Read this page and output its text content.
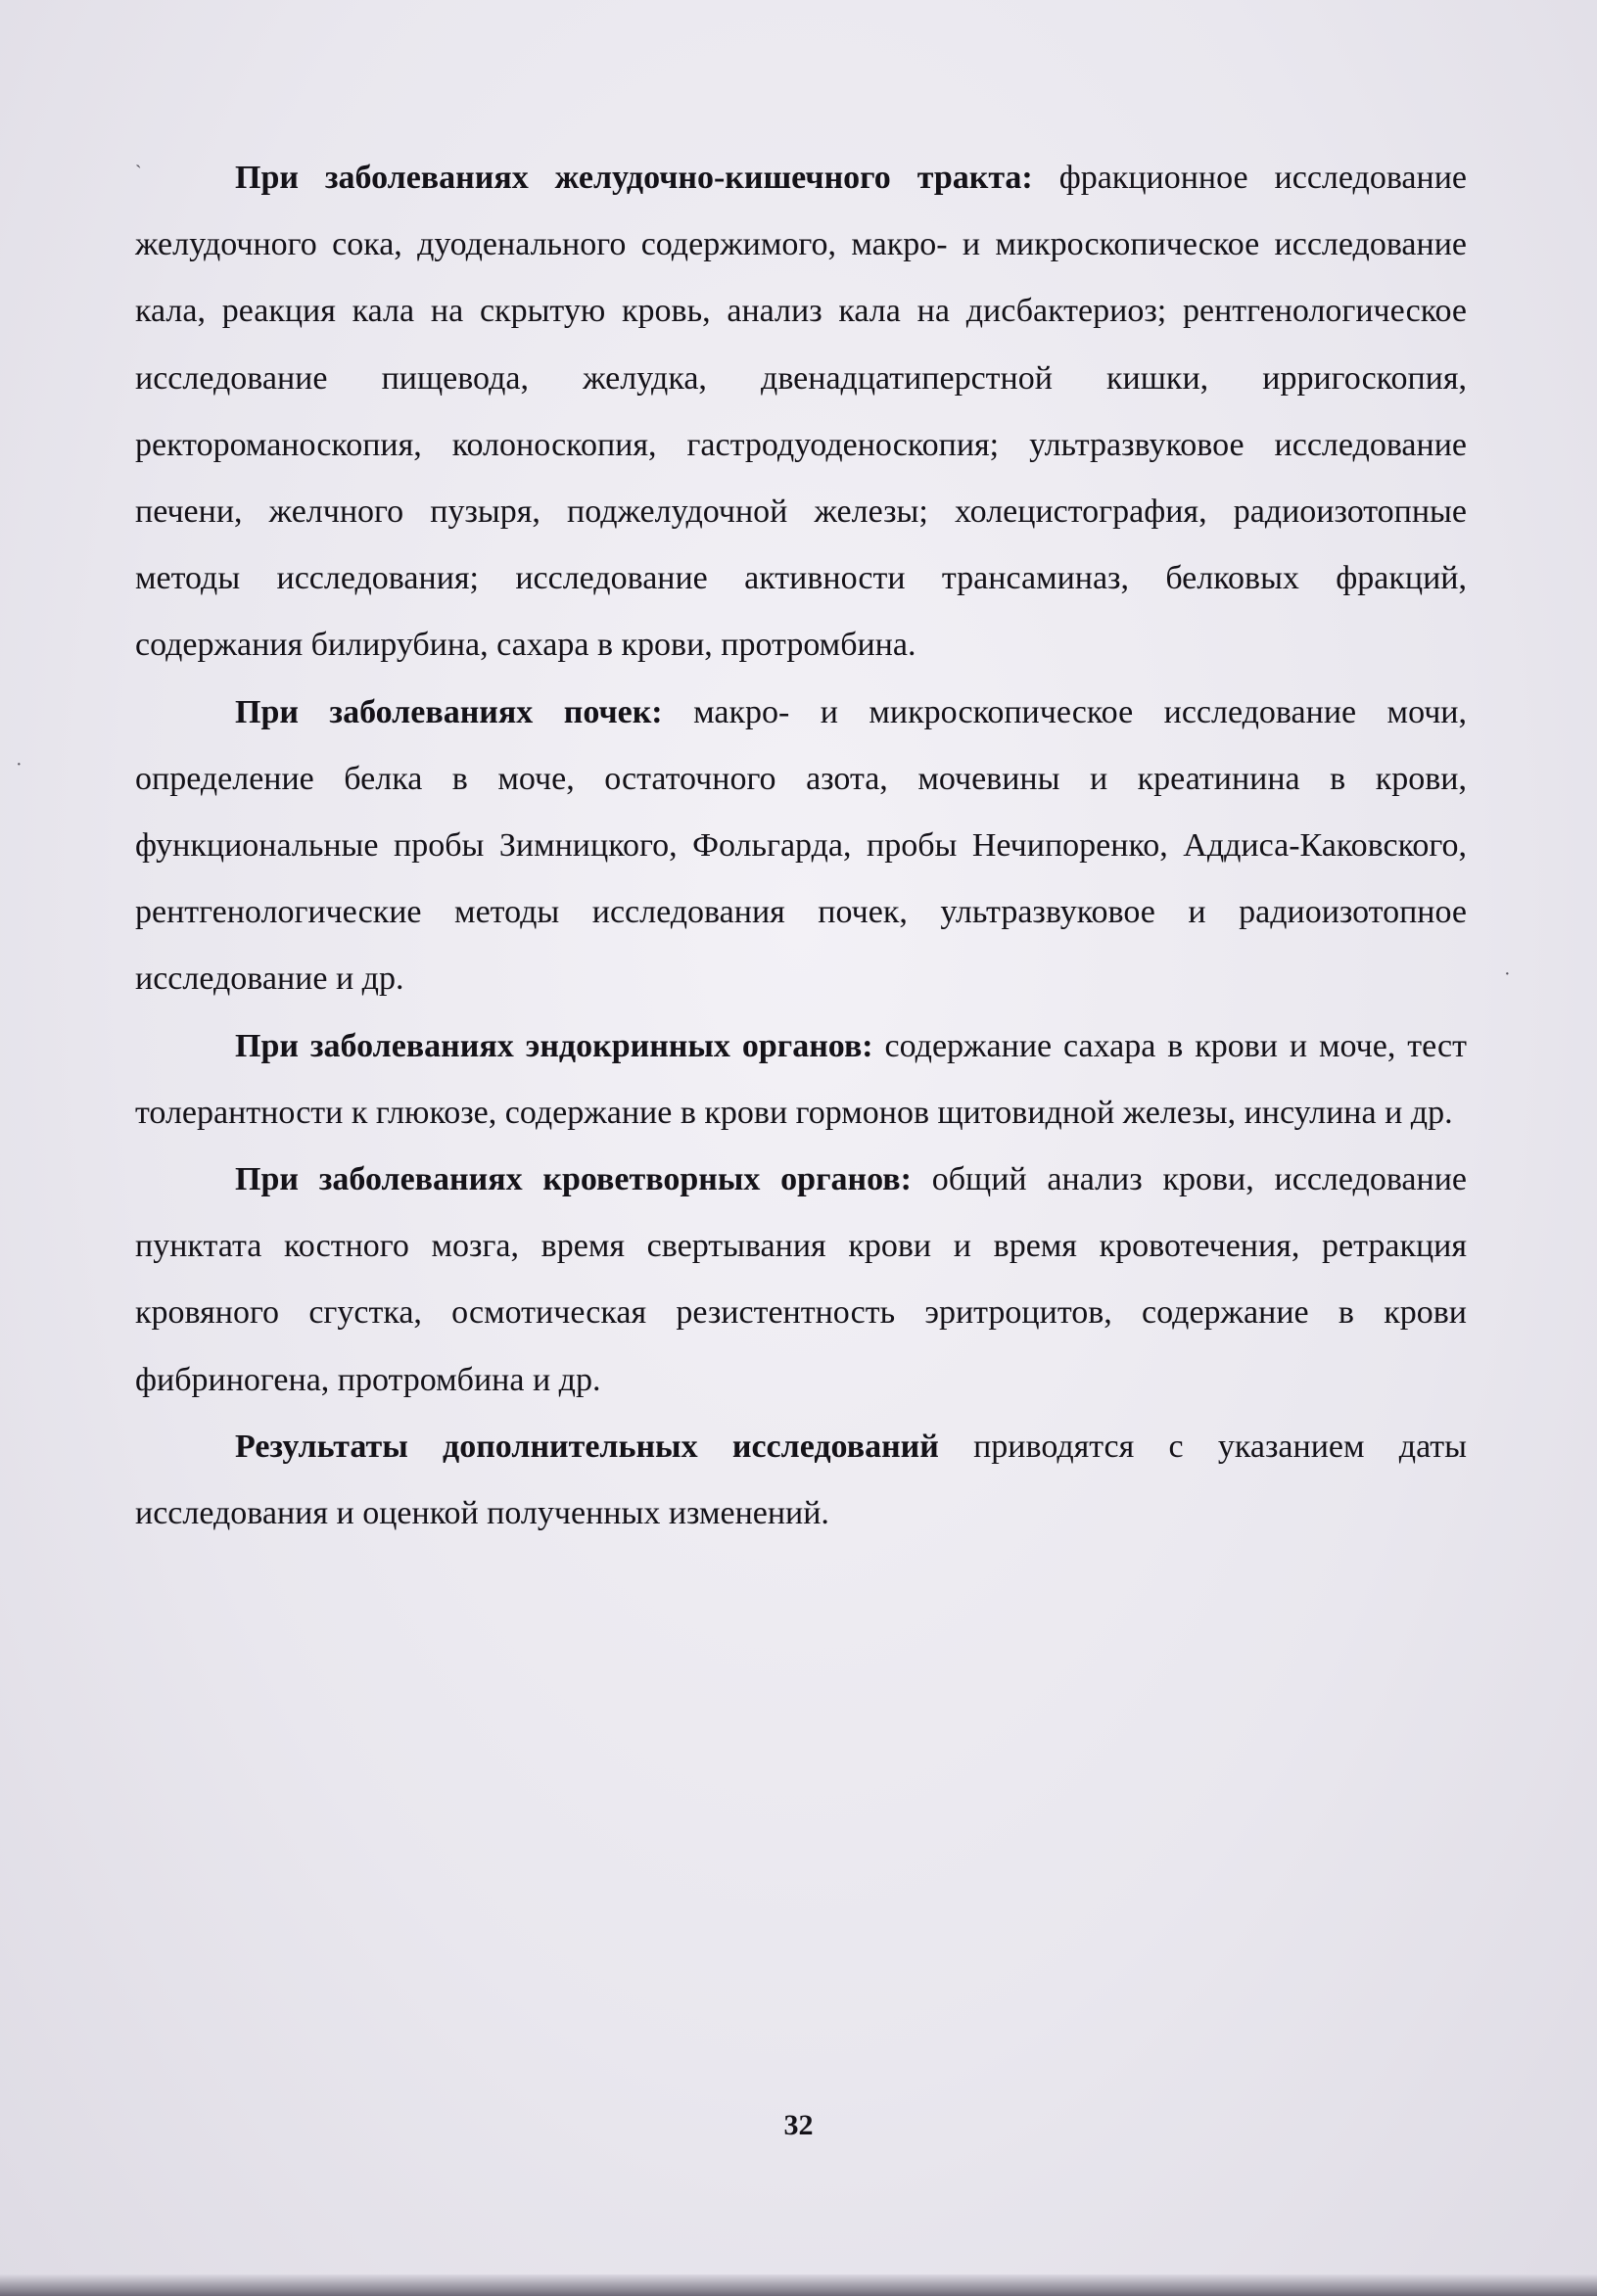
При заболеваниях желудочно-кишечного тракта: фракционное исследование желудочного сока, дуоденального содержимого, макро- и микроскопическое исследование кала, реакция кала на скрытую кровь, анализ кала на дисбактериоз; рентгенологическое исследование пищевода, желудка, двенадцатиперстной кишки, ирригоскопия, ректороманоскопия, колоноскопия, гастродуоденоскопия; ультразвуковое исследование печени, желчного пузыря, поджелудочной железы; холецистография, радиоизотопные методы исследования; исследование активности трансаминаз, белковых фракций, содержания билирубина, сахара в крови, протромбина.

При заболеваниях почек: макро- и микроскопическое исследование мочи, определение белка в моче, остаточного азота, мочевины и креатинина в крови, функциональные пробы Зимницкого, Фольгарда, пробы Нечипоренко, Аддиса-Каковского, рентгенологические методы исследования почек, ультразвуковое и радиоизотопное исследование и др.

При заболеваниях эндокринных органов: содержание сахара в крови и моче, тест толерантности к глюкозе, содержание в крови гормонов щитовидной железы, инсулина и др.

При заболеваниях кроветворных органов: общий анализ крови, исследование пунктата костного мозга, время свертывания крови и время кровотечения, ретракция кровяного сгустка, осмотическая резистентность эритроцитов, содержание в крови фибриногена, протромбина и др.

Результаты дополнительных исследований приводятся с указанием даты исследования и оценкой полученных изменений.

32
ˎ
·
·
